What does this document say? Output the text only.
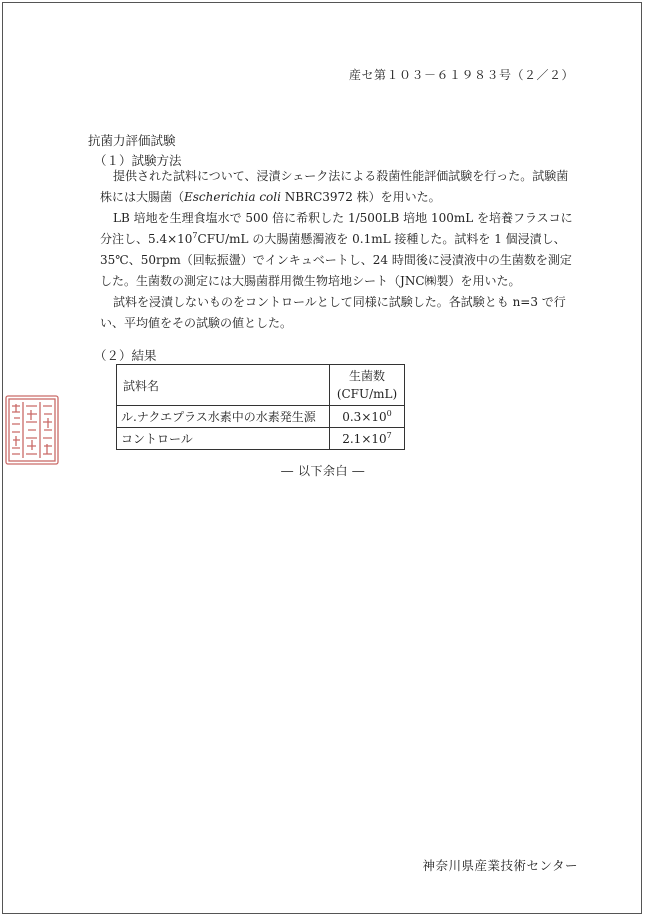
産セ第１０３－６１９８３号（２／２）
抗菌力評価試験
（１）試験方法

提供された試料について、浸漬シェーク法による殺菌性能評価試験を行った。試験菌株には大腸菌（Escherichia coli NBRC3972 株）を用いた。

LB 培地を生理食塩水で 500 倍に希釈した 1/500LB 培地 100mL を培養フラスコに分注し、$5.4\times 10^7CFU/mL$ の大腸菌懸濁液を 0.1mL 接種した。試料を 1 個浸漬し、35℃、50rpm（回転振盪）でインキュベートし、24 時間後に浸漬液中の生菌数を測定した。生菌数の測定には大腸菌群用微生物培地シート（JNC㈱製）を用いた。

試料を浸漬しないものをコントロールとして同様に試験した。各試験とも n=3 で行い、平均値をその試験の値とした。

（２）結果
試料名	生菌数
(CFU/mL)

ル.ナクエプラス水素中の水素発生源	$0.3\times 10^0$
コントロール	$2.1\times 10^7$
― 以下余白 ―
神奈川県産業技術センター
